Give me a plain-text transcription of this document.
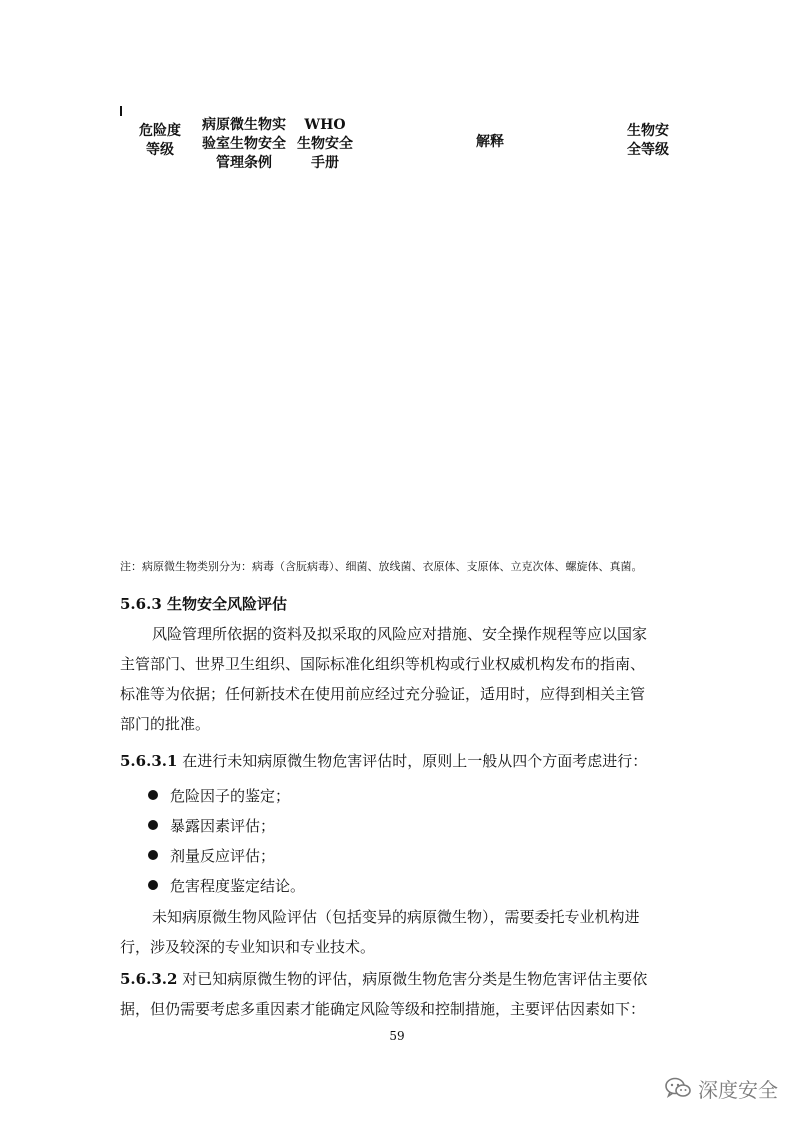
危险度
等级
病原微生物实
验室生物安全
管理条例
WHO
生物安全
手册
解释
生物安
全等级
注：病原微生物类别分为：病毒（含朊病毒）、细菌、放线菌、衣原体、支原体、立克次体、螺旋体、真菌。
5.6.3 生物安全风险评估
风险管理所依据的资料及拟采取的风险应对措施、安全操作规程等应以国家
主管部门、世界卫生组织、国际标准化组织等机构或行业权威机构发布的指南、
标准等为依据；任何新技术在使用前应经过充分验证，适用时，应得到相关主管
部门的批准。
5.6.3.1 在进行未知病原微生物危害评估时，原则上一般从四个方面考虑进行：
危险因子的鉴定；
暴露因素评估；
剂量反应评估；
危害程度鉴定结论。
未知病原微生物风险评估（包括变异的病原微生物），需要委托专业机构进
行，涉及较深的专业知识和专业技术。
5.6.3.2 对已知病原微生物的评估，病原微生物危害分类是生物危害评估主要依
据，但仍需要考虑多重因素才能确定风险等级和控制措施，主要评估因素如下：
59
深度安全
